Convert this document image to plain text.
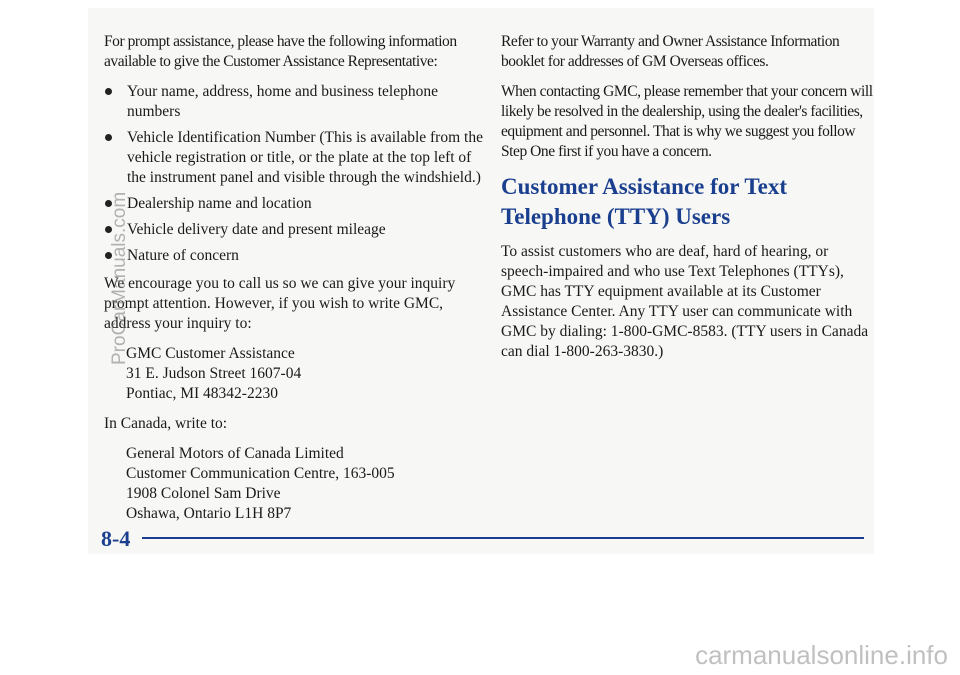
For prompt assistance, please have the following information available to give the Customer Assistance Representative:

Your name, address, home and business telephone numbers
Vehicle Identification Number (This is available from the vehicle registration or title, or the plate at the top left of the instrument panel and visible through the windshield.)
Dealership name and location
Vehicle delivery date and present mileage
Nature of concern

We encourage you to call us so we can give your inquiry prompt attention. However, if you wish to write GMC, address your inquiry to:

GMC Customer Assistance
31 E. Judson Street 1607-04
Pontiac, MI 48342-2230

In Canada, write to:

General Motors of Canada Limited
Customer Communication Centre, 163-005
1908 Colonel Sam Drive
Oshawa, Ontario L1H 8P7

Refer to your Warranty and Owner Assistance Information booklet for addresses of GM Overseas offices.

When contacting GMC, please remember that your concern will likely be resolved in the dealership, using the dealer's facilities, equipment and personnel. That is why we suggest you follow Step One first if you have a concern.

Customer Assistance for Text Telephone (TTY) Users

To assist customers who are deaf, hard of hearing, or speech-impaired and who use Text Telephones (TTYs), GMC has TTY equipment available at its Customer Assistance Center. Any TTY user can communicate with GMC by dialing: 1-800-GMC-8583. (TTY users in Canada can dial 1-800-263-3830.)

8-4
ProCarManuals.com
carmanualsonline.info
